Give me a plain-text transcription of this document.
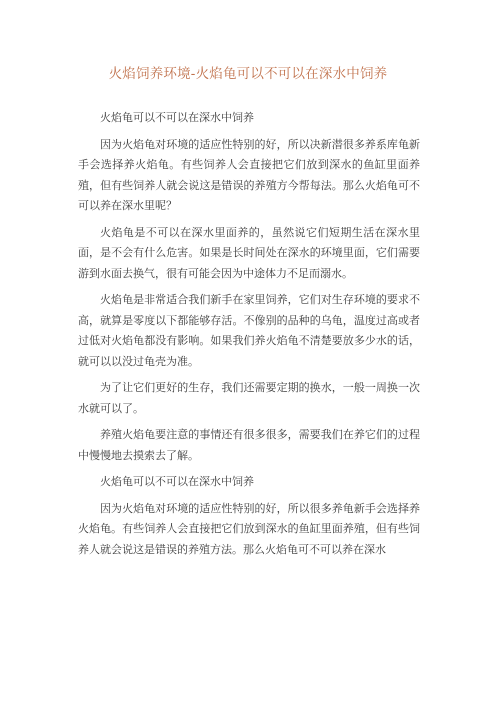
火焰饲养环境-火焰龟可以不可以在深水中饲养

火焰龟可以不可以在深水中饲养

因为火焰龟对环境的适应性特别的好，所以决新潜很多养系库龟新手会选择养火焰龟。有些饲养人会直接把它们放到深水的鱼缸里面养殖，但有些饲养人就会说这是错误的养殖方今帮每法。那么火焰龟可不可以养在深水里呢？

火焰龟是不可以在深水里面养的，虽然说它们短期生活在深水里面，是不会有什么危害。如果是长时间处在深水的环境里面，它们需要游到水面去换气，很有可能会因为中途体力不足而溺水。

火焰龟是非常适合我们新手在家里饲养，它们对生存环境的要求不高，就算是零度以下都能够存活。不像别的品种的乌龟，温度过高或者过低对火焰龟都没有影响。如果我们养火焰龟不清楚要放多少水的话，就可以以没过龟壳为准。

为了让它们更好的生存，我们还需要定期的换水，一般一周换一次水就可以了。

养殖火焰龟要注意的事情还有很多很多，需要我们在养它们的过程中慢慢地去摸索去了解。

火焰龟可以不可以在深水中饲养

因为火焰龟对环境的适应性特别的好，所以很多养龟新手会选择养火焰龟。有些饲养人会直接把它们放到深水的鱼缸里面养殖，但有些饲养人就会说这是错误的养殖方法。那么火焰龟可不可以养在深水
